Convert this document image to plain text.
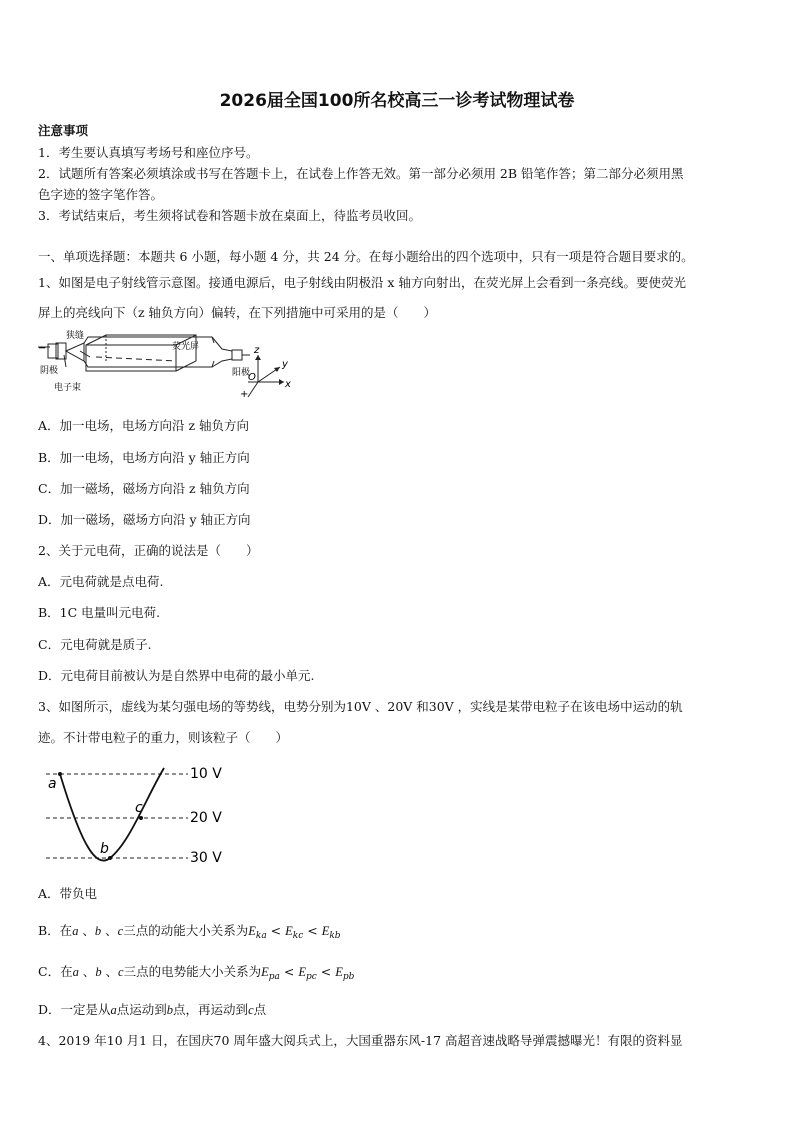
2026届全国100所名校高三一诊考试物理试卷
注意事项
1．考生要认真填写考场号和座位序号。
2．试题所有答案必须填涂或书写在答题卡上，在试卷上作答无效。第一部分必须用 2B 铅笔作答；第二部分必须用黑
色字迹的签字笔作答。
3．考试结束后，考生须将试卷和答题卡放在桌面上，待监考员收回。
一、单项选择题：本题共 6 小题，每小题 4 分，共 24 分。在每小题给出的四个选项中，只有一项是符合题目要求的。
1、如图是电子射线管示意图。接通电源后，电子射线由阴极沿 x 轴方向射出，在荧光屏上会看到一条亮线。要使荧光
屏上的亮线向下（z 轴负方向）偏转，在下列措施中可采用的是（　　）
−
狭缝
荧光屏
阴极
电子束
阳极
+
x
y
z
O
A．加一电场，电场方向沿 z 轴负方向
B．加一电场，电场方向沿 y 轴正方向
C．加一磁场，磁场方向沿 z 轴负方向
D．加一磁场，磁场方向沿 y 轴正方向
2、关于元电荷，正确的说法是（　　）
A．元电荷就是点电荷.
B．1C 电量叫元电荷.
C．元电荷就是质子.
D．元电荷目前被认为是自然界中电荷的最小单元.
3、如图所示，虚线为某匀强电场的等势线，电势分别为10V 、20V 和30V ，实线是某带电粒子在该电场中运动的轨
迹。不计带电粒子的重力，则该粒子（　　）
10 V
20 V
30 V
a
c
b
A．带负电
B．在a 、b 、c三点的动能大小关系为$E_{ka} < E_{kc} < E_{kb}$
C．在a 、b 、c三点的电势能大小关系为$E_{pa} < E_{pc} < E_{pb}$
D．一定是从a点运动到b点，再运动到c点
4、2019 年10 月1 日，在国庆70 周年盛大阅兵式上，大国重器东风-17 高超音速战略导弹震撼曝光！有限的资料显
